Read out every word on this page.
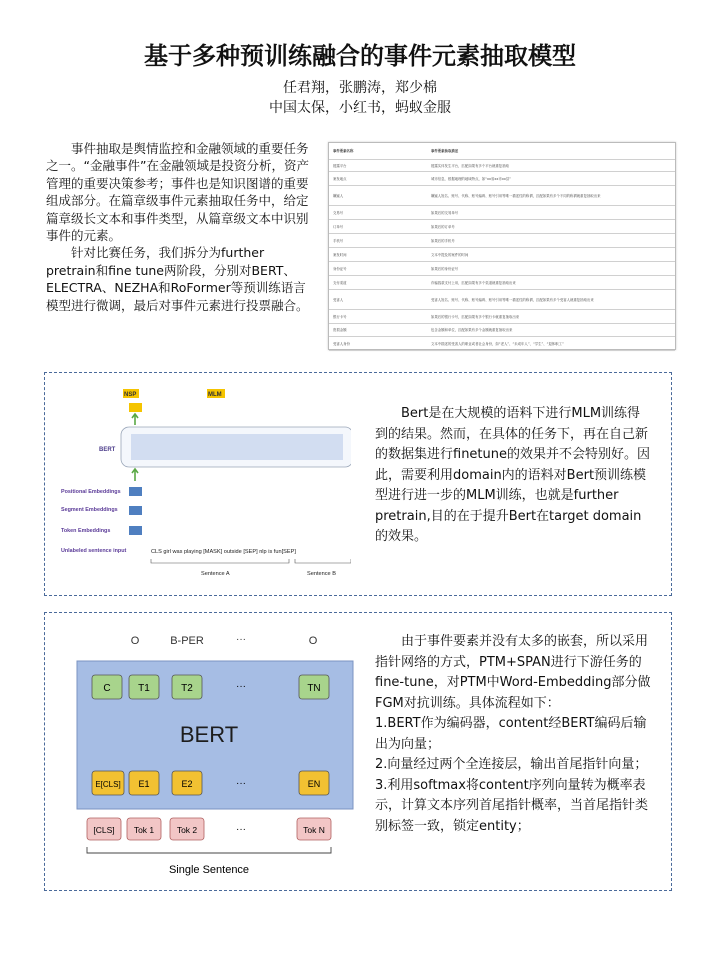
基于多种预训练融合的事件元素抽取模型
任君翔，张鹏涛，郑少棉
中国太保，小红书，蚂蚁金服

事件抽取是舆情监控和金融领域的重要任务之一。“金融事件”在金融领域是投资分析，资产管理的重要决策参考；事件也是知识图谱的重要组成部分。在篇章级事件元素抽取任务中，给定篇章级长文本和事件类型，从篇章级文本中识别事件的元素。

针对比赛任务，我们拆分为further pretrain和fine tune两阶段，分别对BERT、ELECTRA、NEZHA和RoFormer等预训练语言模型进行微调，最后对事件元素进行投票融合。

事件要素名称	事件要素抽取描述
披露平台	披露实体发生平台，匹配如果有多个平台就重复抽取
案发地点	城市信息，根据地理的地域特点，如“xx省xx市xx县”
嫌疑人	嫌疑人姓名、账号、代称、账号编码、账号引用等唯一描述性的称谓，匹配如果有多个不同的称谓就重复抽取出来
交易号	如果后的交易单号
订单号	如果后的订单号
手机号	如果后的手机号
案发时间	文本中提及的案件的时间
身份证号	如果后的身份证号
支付渠道	诈骗钱款支付上用，匹配如果有多个渠道就重复抽取出来
受害人	受害人姓名、账号、代称、账号编码、账号引用等唯一描述性的称谓，匹配如果有多个受害人就重复抽取出来
银行卡号	如果后的银行卡号，匹配如果有多个银行卡就重复抽取出来
资损金额	包含金额和单位，匹配如果有多个金额就重复抽取出来
受害人身份	文本中描述的受害人的职业或者社会身份，如“老人”、“未成年人”、“学生”、“退休职工”
NSP	MLM
BERT
Positional Embeddings
Segment Embeddings
Token Embeddings
Unlabeled sentence input	CLS girl was playing [MASK] outside [SEP] nlp is fun[SEP]
Sentence A	Sentence B
Bert是在大规模的语料下进行MLM训练得到的结果。然而，在具体的任务下，再在自己新的数据集进行finetune的效果并不会特别好。因此，需要利用domain内的语料对Bert预训练模型进行进一步的MLM训练，也就是further pretrain,目的在于提升Bert在target domain的效果。
O	B-PER	···	O
BERT
C	T1	T2	···	TN
E[CLS] E1	E2	···	EN
[CLS] Tok 1	Tok 2	···	Tok N
Single Sentence

由于事件要素并没有太多的嵌套，所以采用指针网络的方式，PTM+SPAN进行下游任务的fine-tune，对PTM中Word-Embedding部分做FGM对抗训练。具体流程如下：

1.BERT作为编码器，content经BERT编码后输出为向量；

2.向量经过两个全连接层，输出首尾指针向量；

3.利用softmax将content序列向量转为概率表示，计算文本序列首尾指针概率，当首尾指针类别标签一致，锁定entity；
